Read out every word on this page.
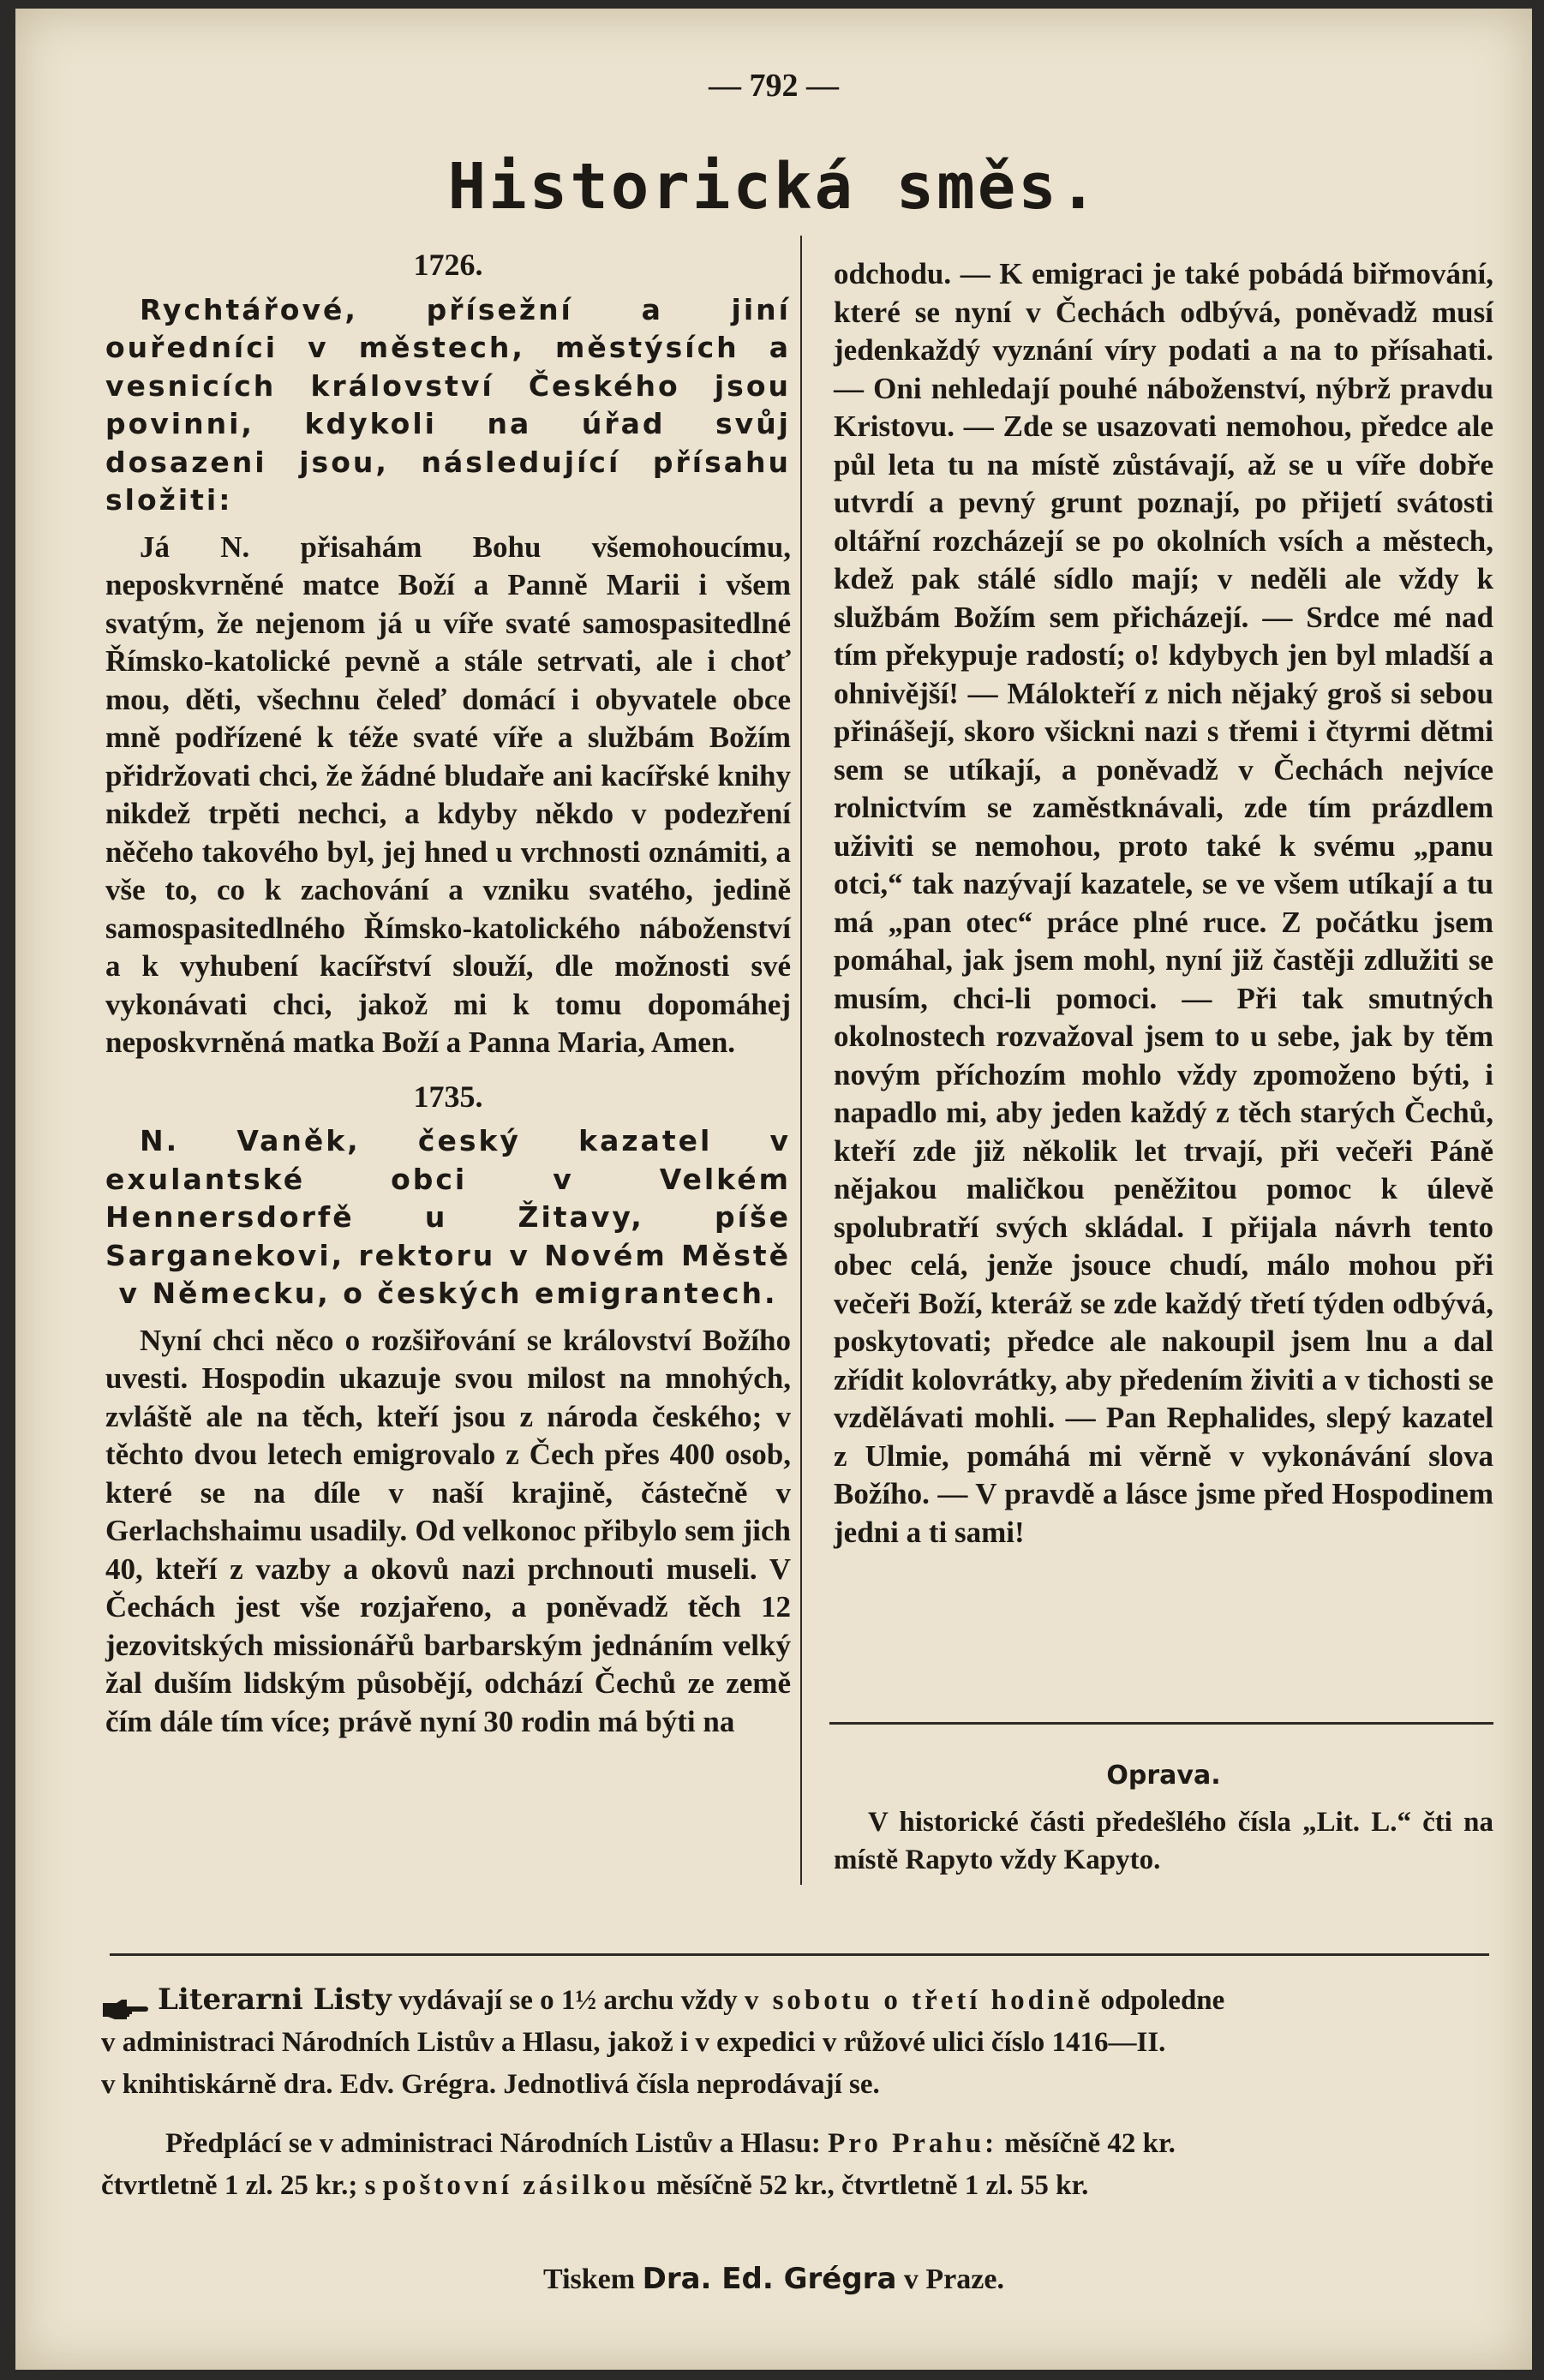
— 792 —
Historická směs.
1726.

Rychtářové, přísežní a jiní ouředníci v městech, městýsích a vesnicích království Českého jsou povinni, kdykoli na úřad svůj dosazeni jsou, následující přísahu složiti:

Já N. přisahám Bohu všemohoucímu, neposkvrněné matce Boží a Panně Marii i všem svatým, že nejenom já u víře svaté samospasitedlné Římsko-katolické pevně a stále setrvati, ale i choť mou, děti, všechnu čeleď domácí i obyvatele obce mně podřízené k téže svaté víře a službám Božím přidržovati chci, že žádné bludaře ani kacířské knihy nikdež trpěti nechci, a kdyby někdo v podezření něčeho takového byl, jej hned u vrchnosti oznámiti, a vše to, co k zachování a vzniku svatého, jedině samospasitedlného Římsko-katolického náboženství a k vyhubení kacířství slouží, dle možnosti své vykonávati chci, jakož mi k tomu dopomáhej neposkvrněná matka Boží a Panna Maria, Amen.

1735.

N. Vaněk, český kazatel v exulantské obci v Velkém Hennersdorfě u Žitavy, píše Sarganekovi, rektoru v Novém Městě v Německu, o českých emigrantech.

Nyní chci něco o rozšiřování se království Božího uvesti. Hospodin ukazuje svou milost na mnohých, zvláště ale na těch, kteří jsou z národa českého; v těchto dvou letech emigrovalo z Čech přes 400 osob, které se na díle v naší krajině, částečně v Gerlachshaimu usadily. Od velkonoc přibylo sem jich 40, kteří z vazby a okovů nazi prchnouti museli. V Čechách jest vše rozjařeno, a poněvadž těch 12 jezovitských missionářů barbarským jednáním velký žal duším lidským působějí, odchází Čechů ze země čím dále tím více; právě nyní 30 rodin má býti na

odchodu. — K emigraci je také pobádá biřmování, které se nyní v Čechách odbývá, poněvadž musí jedenkaždý vyznání víry podati a na to přísahati. — Oni nehledají pouhé náboženství, nýbrž pravdu Kristovu. — Zde se usazovati nemohou, předce ale půl leta tu na místě zůstávají, až se u víře dobře utvrdí a pevný grunt poznají, po přijetí svátosti oltářní rozcházejí se po okolních vsích a městech, kdež pak stálé sídlo mají; v neděli ale vždy k službám Božím sem přicházejí. — Srdce mé nad tím překypuje radostí; o! kdybych jen byl mladší a ohnivější! — Málokteří z nich nějaký groš si sebou přinášejí, skoro všickni nazi s třemi i čtyrmi dětmi sem se utíkají, a poněvadž v Čechách nejvíce rolnictvím se zaměstknávali, zde tím prázdlem uživiti se nemohou, proto také k svému „panu otci,“ tak nazývají kazatele, se ve všem utíkají a tu má „pan otec“ práce plné ruce. Z počátku jsem pomáhal, jak jsem mohl, nyní již častěji zdlužiti se musím, chci-li pomoci. — Při tak smutných okolnostech rozvažoval jsem to u sebe, jak by těm novým příchozím mohlo vždy zpomoženo býti, i napadlo mi, aby jeden každý z těch starých Čechů, kteří zde již několik let trvají, při večeři Páně nějakou maličkou peněžitou pomoc k úlevě spolubratří svých skládal. I přijala návrh tento obec celá, jenže jsouce chudí, málo mohou při večeři Boží, kteráž se zde každý třetí týden odbývá, poskytovati; předce ale nakoupil jsem lnu a dal zřídit kolovrátky, aby předením živiti a v tichosti se vzdělávati mohli. — Pan Rephalides, slepý kazatel z Ulmie, pomáhá mi věrně v vykonávání slova Božího. — V pravdě a lásce jsme před Hospodinem jedni a ti sami!

Oprava.
V historické části předešlého čísla „Lit. L.“ čti na místě Rapyto vždy Kapyto.

Literarni Listy vydávají se o 1½ archu vždy v sobotu o třetí hodině odpoledne

v administraci Národních Listův a Hlasu, jakož i v expedici v růžové ulici číslo 1416—II.

v knihtiskárně dra. Edv. Grégra. Jednotlivá čísla neprodávají se.

Předplácí se v administraci Národních Listův a Hlasu: Pro Prahu: měsíčně 42 kr.

čtvrtletně 1 zl. 25 kr.; s poštovní zásilkou měsíčně 52 kr., čtvrtletně 1 zl. 55 kr.

Tiskem Dra. Ed. Grégra v Praze.
